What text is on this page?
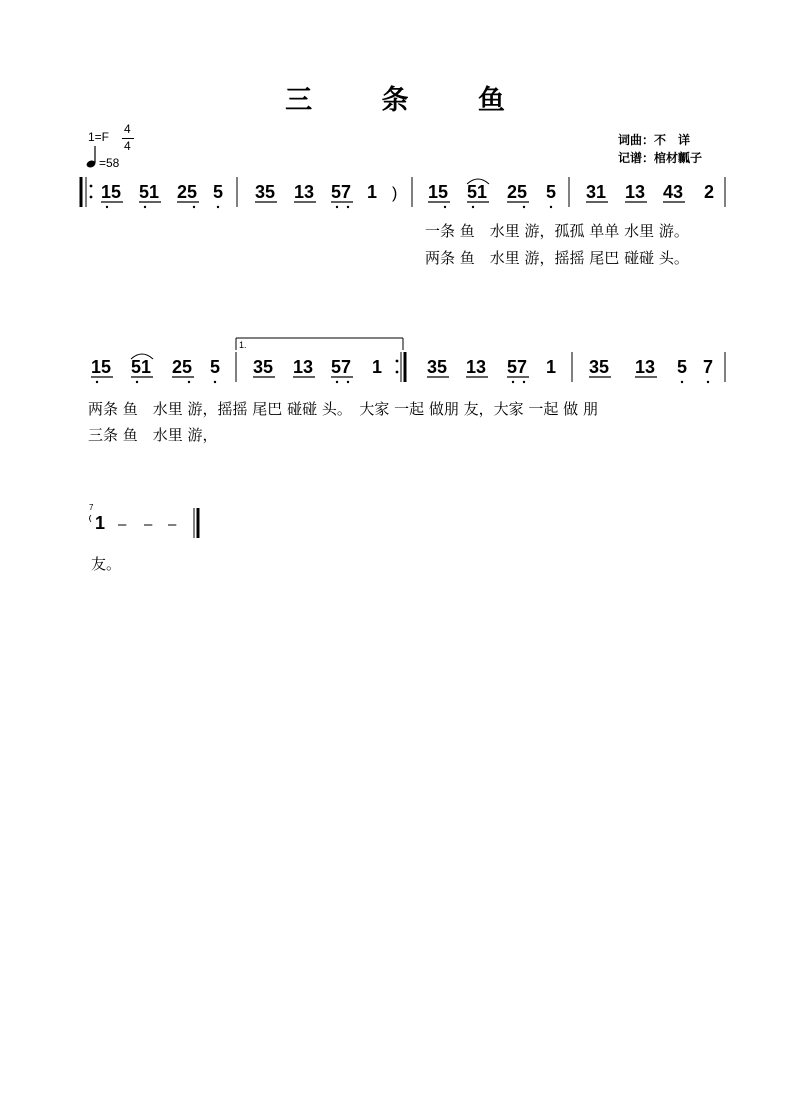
三 条 鱼
1=F
4
4
=58
词曲：不　详
记谱：棺材瓤子
15 51 25 5 35 13 57 1 ) 15 51 25 5 31 13 43 2
一条 鱼　水里 游，孤孤 单单 水里 游。
两条 鱼　水里 游，摇摇 尾巴 碰碰 头。
1.
15 51 25 5 35 13 57 1 35 13 57 1 35 13 5 7
两条 鱼　水里 游，摇摇 尾巴 碰碰 头。　大家 一起 做朋 友，大家 一起 做 朋
三条 鱼　水里 游，
7
1 – – –
友。
